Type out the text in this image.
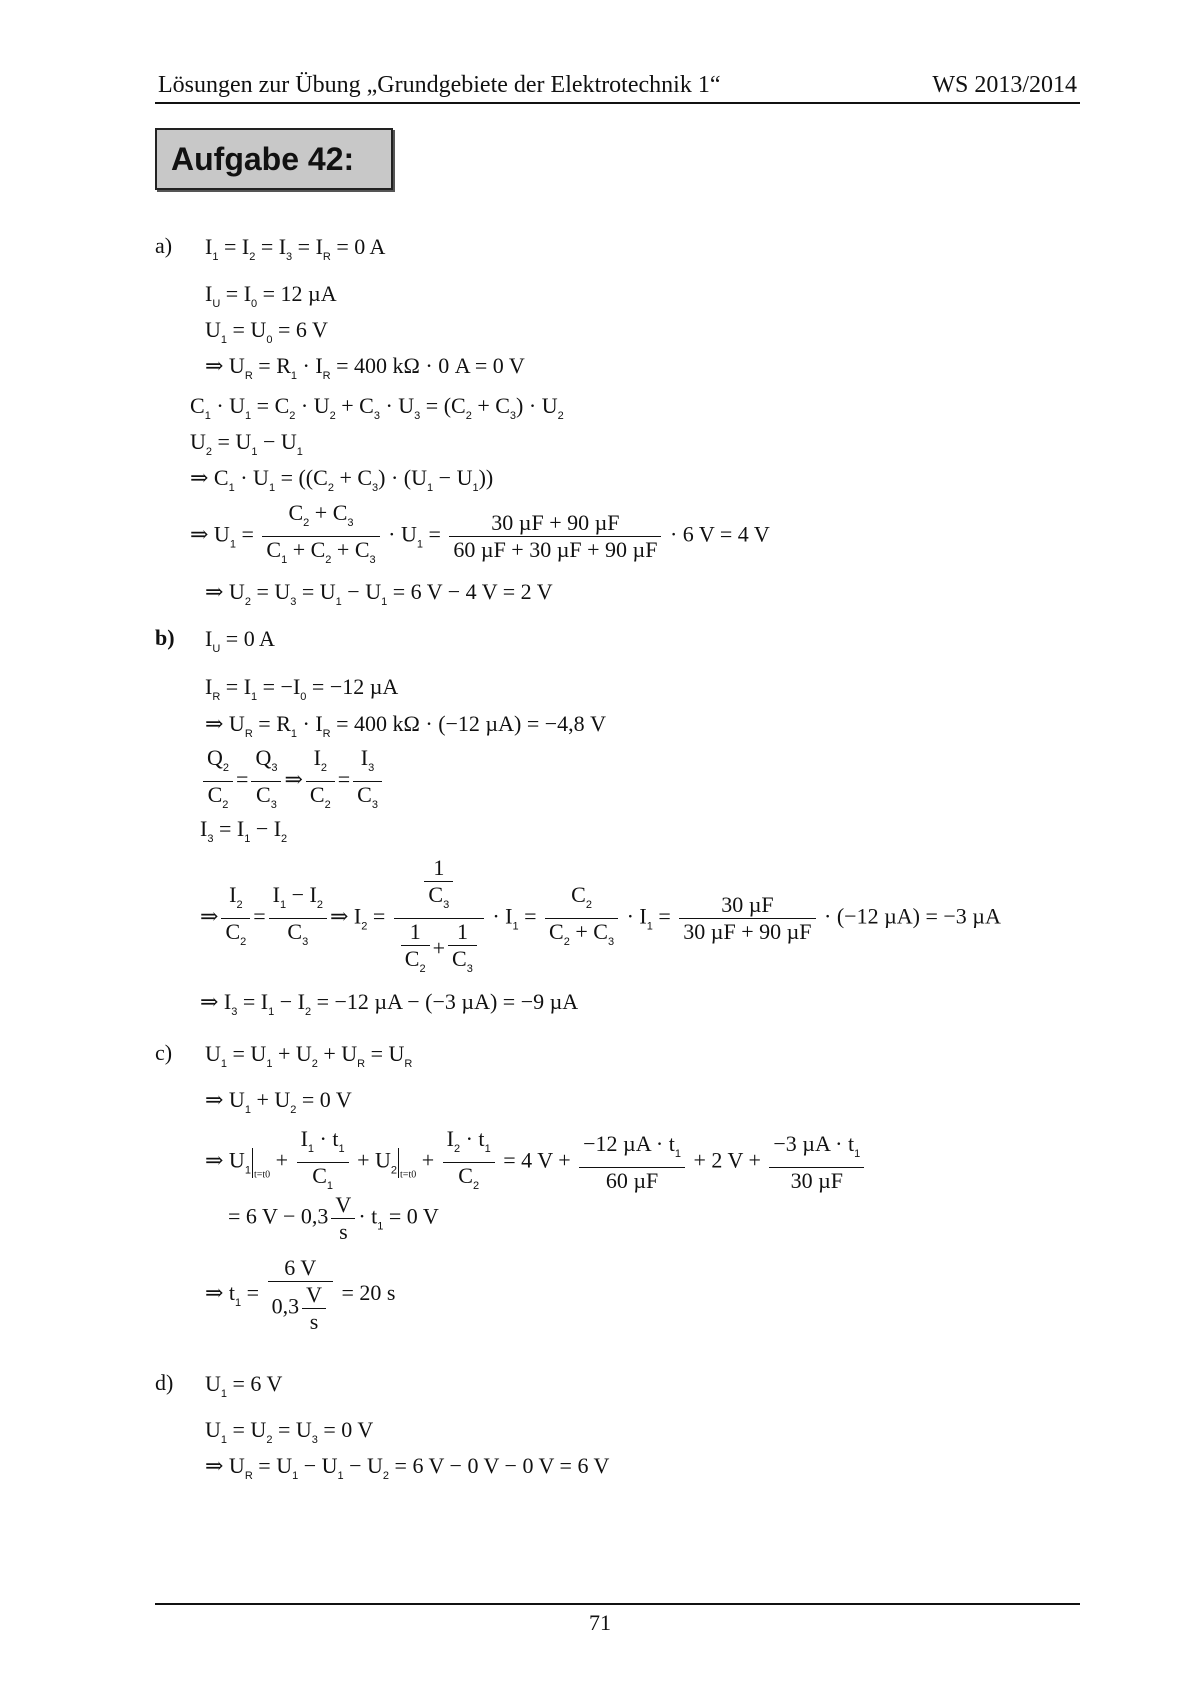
Lösungen zur Übung „Grundgebiete der Elektrotechnik 1“	WS 2013/2014
Aufgabe 42:
a) $I_1 = I_2 = I_3 = I_R = 0$ A
$I_U = I_0 = 12$ µA
$U_1 = U_0 = 6$ V
⇒ $U_R = R_1 \cdot I_R = 400$ kΩ · 0 A = 0 V
$C_1 \cdot U_1 = C_2 \cdot U_2 + C_3 \cdot U_3 = (C_2 + C_3) \cdot U_2$
$U_2 = U_1 - U_1$
⇒ $C_1 \cdot U_1 = ((C_2 + C_3) \cdot (U_1 - U_1))$
⇒ $U_1 = \frac{C_2 + C_3}{C_1 + C_2 + C_3} \cdot U_1 = \frac{\text{30 µF + 90 µF}}{\text{60 µF + 30 µF + 90 µF}} \cdot 6$ V = 4 V
⇒ $U_2 = U_3 = U_1 - U_1 = 6$ V − 4 V = 2 V
b) $I_U = 0$ A
$I_R = I_1 = -I_0 = -12$ µA
⇒ $U_R = R_1 \cdot I_R = 400$ kΩ · (−12 µA) = −4,8 V
$\frac{Q_2}{C_2} = \frac{Q_3}{C_3}$ ⇒ $\frac{I_2}{C_2} = \frac{I_3}{C_3}$
$I_3 = I_1 - I_2$
⇒ $\frac{I_2}{C_2} = \frac{I_1 - I_2}{C_3}$ ⇒ $I_2 = \frac{\frac{1}{C_3}}{\frac{1}{C_2} + \frac{1}{C_3}} \cdot I_1 = \frac{C_2}{C_2 + C_3} \cdot I_1 = \frac{\text{30 µF}}{\text{30 µF + 90 µF}} \cdot (-12$ µA) = −3 µA
⇒ $I_3 = I_1 - I_2 = -12$ µA − (−3 µA) = −9 µA
c) $U_1 = U_1 + U_2 + U_R = U_R$
⇒ $U_1 + U_2 = 0$ V
⇒ $U_1$ $_{t=t0} + \frac{I_1 \cdot t_1}{C_1} + U_2$ $_{t=t0} + \frac{I_2 \cdot t_1}{C_2} = 4$ $V + \frac{-12 \mu A \cdot t_1}{\text{60 µF}} + 2$ $V + \frac{-3 \mu A \cdot t_1}{\text{30 µF}}$
= 6 $V - 0,3 \frac{V}{s} \cdot t_1 = 0$ V
⇒ $t_1 = \frac{6 V}{0,3 \frac{V}{s}} = 20$ s
d) $U_1 = 6$ V
$U_1 = U_2 = U_3 = 0$ V
⇒ $U_R = U_1 - U_1 - U_2 = 6$ V − 0 V − 0 V = 6 V
71
